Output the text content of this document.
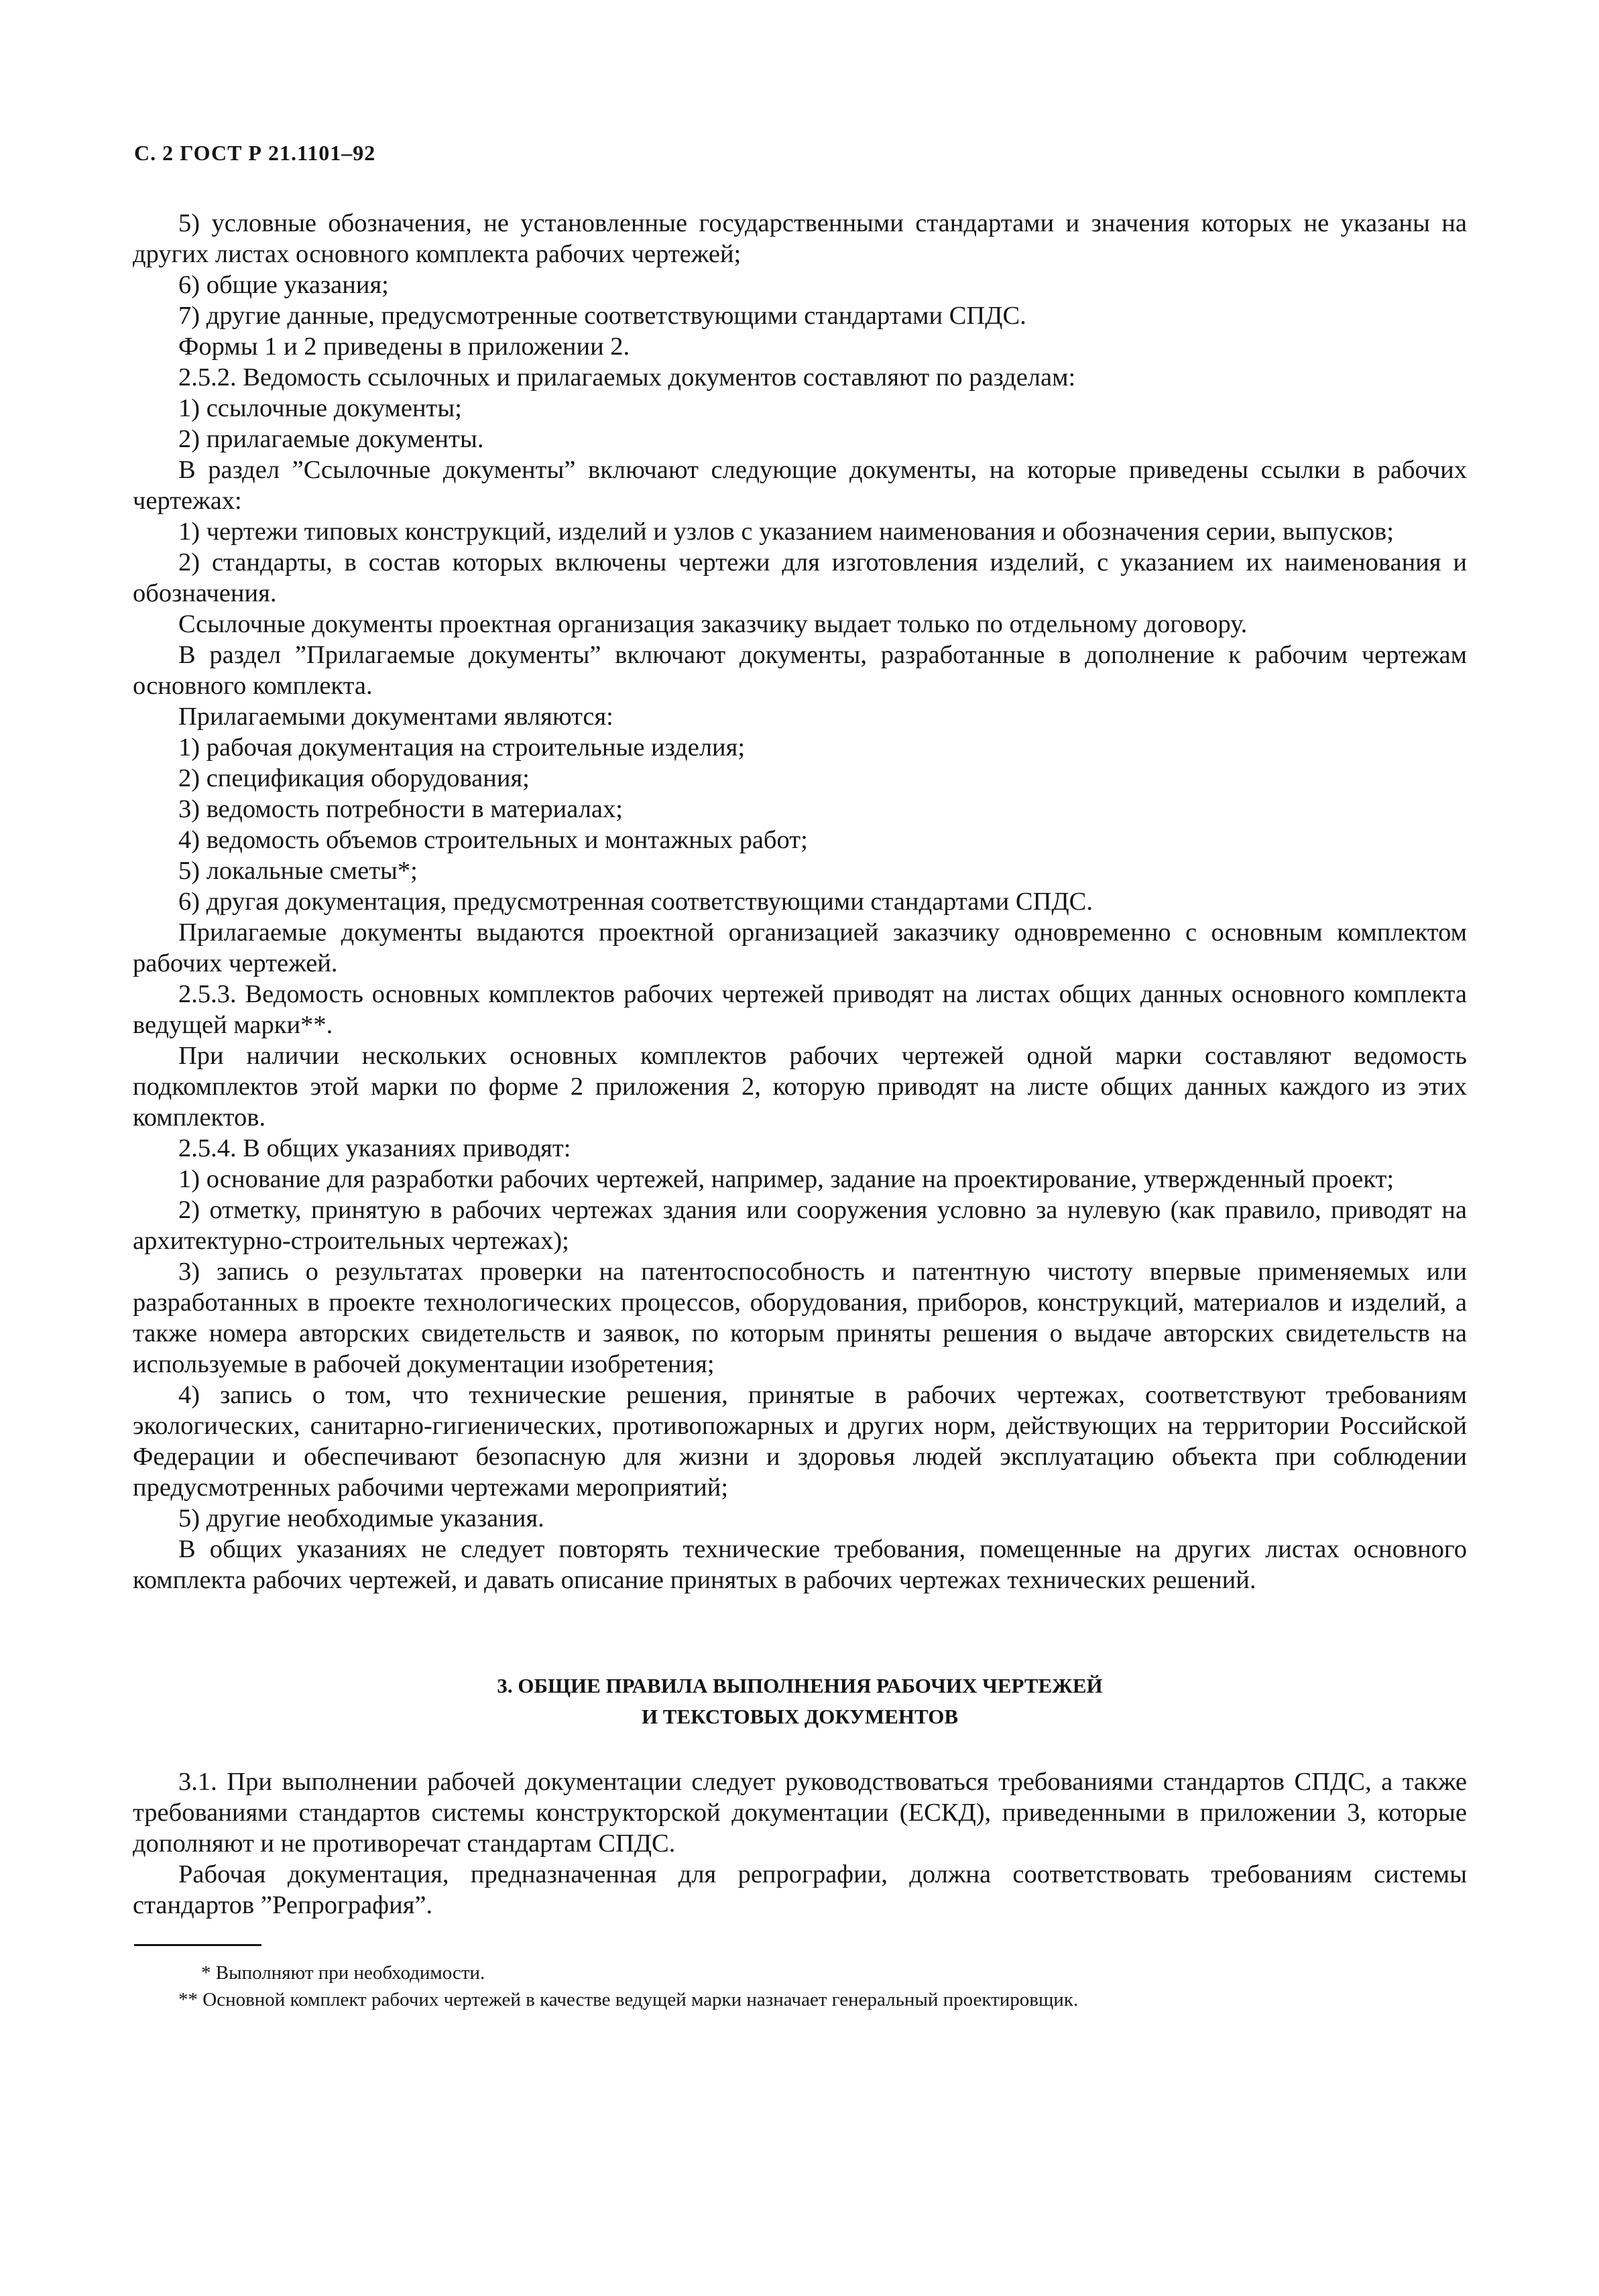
С. 2 ГОСТ Р 21.1101–92

5) условные обозначения, не установленные государственными стандартами и значения которых не указаны на других листах основного комплекта рабочих чертежей;

6) общие указания;

7) другие данные, предусмотренные соответствующими стандартами СПДС.

Формы 1 и 2 приведены в приложении 2.

2.5.2. Ведомость ссылочных и прилагаемых документов составляют по разделам:

1) ссылочные документы;

2) прилагаемые документы.

В раздел ”Ссылочные документы” включают следующие документы, на которые приведены ссылки в рабочих чертежах:

1) чертежи типовых конструкций, изделий и узлов с указанием наименования и обозначения серии, выпусков;

2) стандарты, в состав которых включены чертежи для изготовления изделий, с указанием их наименования и обозначения.

Ссылочные документы проектная организация заказчику выдает только по отдельному договору.

В раздел ”Прилагаемые документы” включают документы, разработанные в дополнение к рабочим чертежам основного комплекта.

Прилагаемыми документами являются:

1) рабочая документация на строительные изделия;

2) спецификация оборудования;

3) ведомость потребности в материалах;

4) ведомость объемов строительных и монтажных работ;

5) локальные сметы*;

6) другая документация, предусмотренная соответствующими стандартами СПДС.

Прилагаемые документы выдаются проектной организацией заказчику одновременно с основным комплектом рабочих чертежей.

2.5.3. Ведомость основных комплектов рабочих чертежей приводят на листах общих данных основного комплекта ведущей марки**.

При наличии нескольких основных комплектов рабочих чертежей одной марки составляют ведомость подкомплектов этой марки по форме 2 приложения 2, которую приводят на листе общих данных каждого из этих комплектов.

2.5.4. В общих указаниях приводят:

1) основание для разработки рабочих чертежей, например, задание на проектирование, утвержденный проект;

2) отметку, принятую в рабочих чертежах здания или сооружения условно за нулевую (как правило, приводят на архитектурно-строительных чертежах);

3) запись о результатах проверки на патентоспособность и патентную чистоту впервые применяемых или разработанных в проекте технологических процессов, оборудования, приборов, конструкций, материалов и изделий, а также номера авторских свидетельств и заявок, по которым приняты решения о выдаче авторских свидетельств на используемые в рабочей документации изобретения;

4) запись о том, что технические решения, принятые в рабочих чертежах, соответствуют требованиям экологических, санитарно-гигиенических, противопожарных и других норм, действующих на территории Российской Федерации и обеспечивают безопасную для жизни и здоровья людей эксплуатацию объекта при соблюдении предусмотренных рабочими чертежами мероприятий;

5) другие необходимые указания.

В общих указаниях не следует повторять технические требования, помещенные на других листах основного комплекта рабочих чертежей, и давать описание принятых в рабочих чертежах технических решений.

3. ОБЩИЕ ПРАВИЛА ВЫПОЛНЕНИЯ РАБОЧИХ ЧЕРТЕЖЕЙ
И ТЕКСТОВЫХ ДОКУМЕНТОВ

3.1. При выполнении рабочей документации следует руководствоваться требованиями стандартов СПДС, а также требованиями стандартов системы конструкторской документации (ЕСКД), приведенными в приложении 3, которые дополняют и не противоречат стандартам СПДС.

Рабочая документация, предназначенная для репрографии, должна соответствовать требованиям системы стандартов ”Репрография”.

* Выполняют при необходимости.

** Основной комплект рабочих чертежей в качестве ведущей марки назначает генеральный проектировщик.
